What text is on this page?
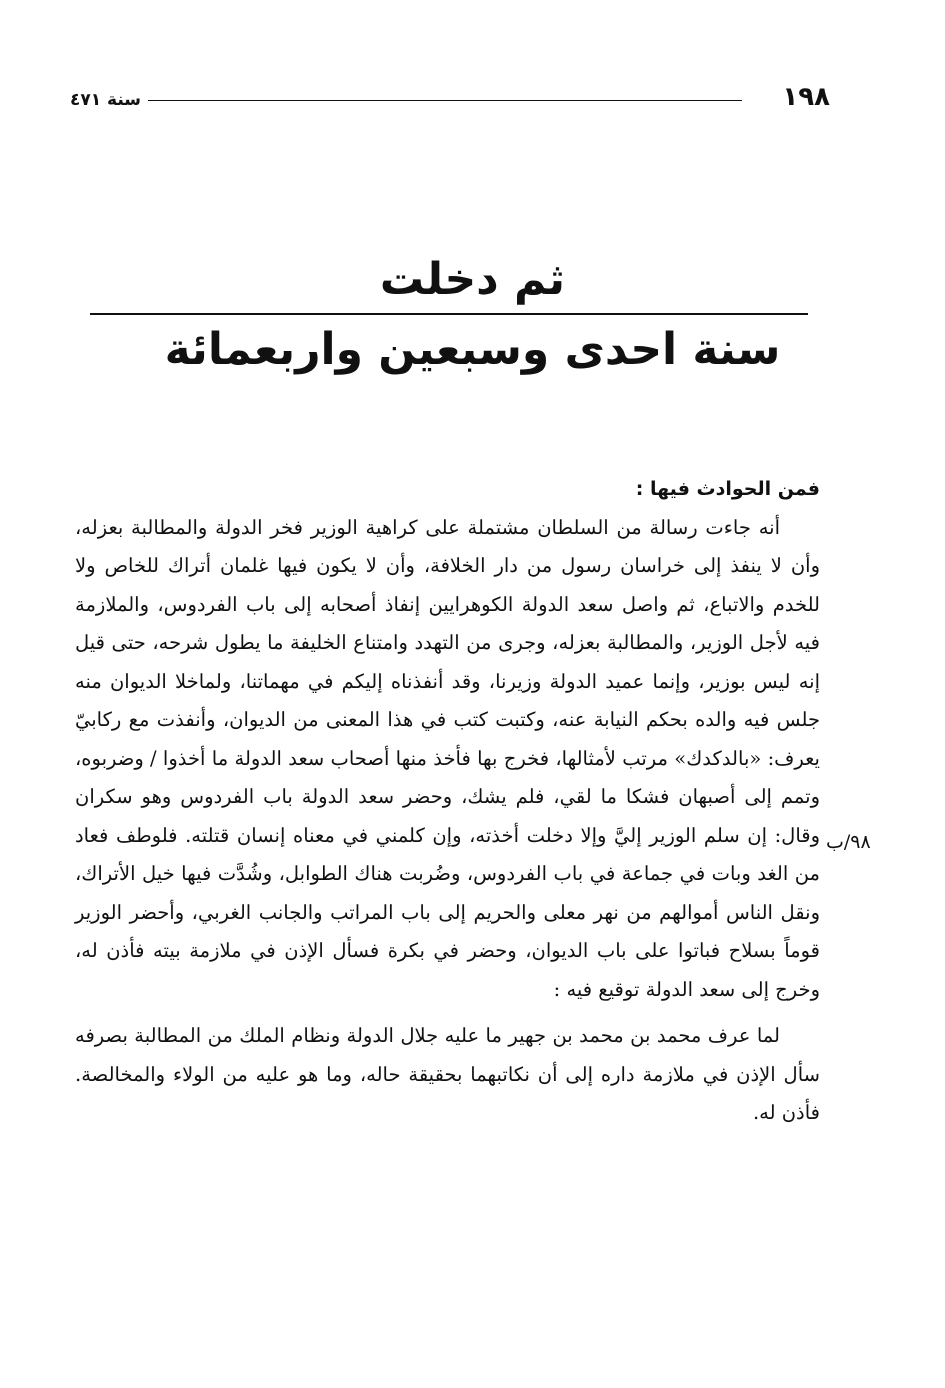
١٩٨
سنة ٤٧١
ثم دخلت
سنة احدى وسبعين واربعمائة
٩٨/ب

فمن الحوادث فيها :

أنه جاءت رسالة من السلطان مشتملة على كراهية الوزير فخر الدولة والمطالبة بعزله، وأن لا ينفذ إلى خراسان رسول من دار الخلافة، وأن لا يكون فيها غلمان أتراك للخاص ولا للخدم والاتباع، ثم واصل سعد الدولة الكوهرايين إنفاذ أصحابه إلى باب الفردوس، والملازمة فيه لأجل الوزير، والمطالبة بعزله، وجرى من التهدد وامتناع الخليفة ما يطول شرحه، حتى قيل إنه ليس بوزير، وإنما عميد الدولة وزيرنا، وقد أنفذناه إليكم في مهماتنا، ولماخلا الديوان منه جلس فيه والده بحكم النيابة عنه، وكتبت كتب في هذا المعنى من الديوان، وأنفذت مع ركابيّ يعرف: «بالدكدك» مرتب لأمثالها، فخرج بها فأخذ منها أصحاب سعد الدولة ما أخذوا / وضربوه، وتمم إلى أصبهان فشكا ما لقي، فلم يشك، وحضر سعد الدولة باب الفردوس وهو سكران وقال: إن سلم الوزير إليَّ وإلا دخلت أخذته، وإن كلمني في معناه إنسان قتلته. فلوطف فعاد من الغد وبات في جماعة في باب الفردوس، وضُربت هناك الطوابل، وشُدَّت فيها خيل الأتراك، ونقل الناس أموالهم من نهر معلى والحريم إلى باب المراتب والجانب الغربي، وأحضر الوزير قوماً بسلاح فباتوا على باب الديوان، وحضر في بكرة فسأل الإذن في ملازمة بيته فأذن له، وخرج إلى سعد الدولة توقيع فيه :

لما عرف محمد بن محمد بن جهير ما عليه جلال الدولة ونظام الملك من المطالبة بصرفه سأل الإذن في ملازمة داره إلى أن نكاتبهما بحقيقة حاله، وما هو عليه من الولاء والمخالصة. فأذن له.
